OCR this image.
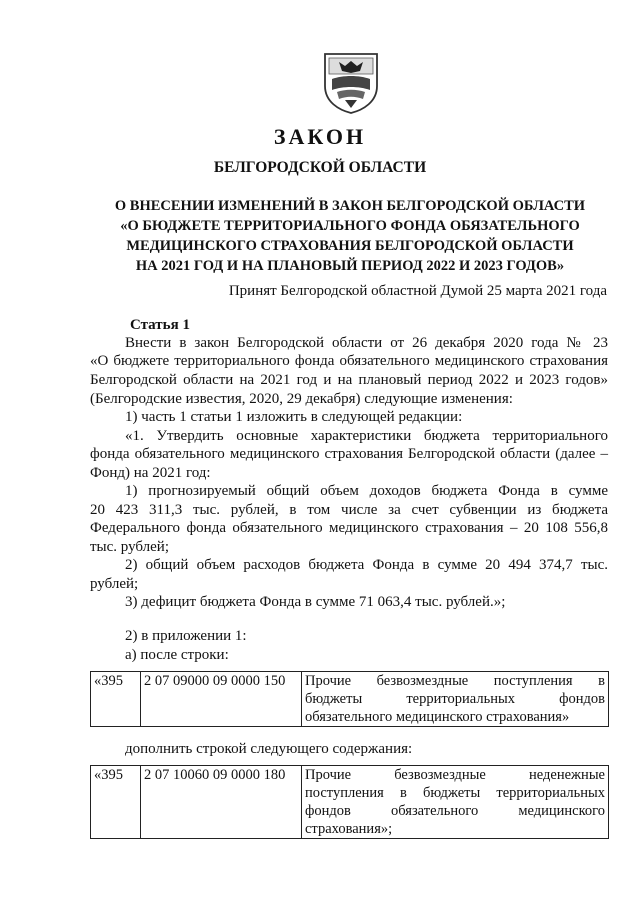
ЗАКОН
БЕЛГОРОДСКОЙ ОБЛАСТИ
О ВНЕСЕНИИ ИЗМЕНЕНИЙ В ЗАКОН БЕЛГОРОДСКОЙ ОБЛАСТИ
«О БЮДЖЕТЕ ТЕРРИТОРИАЛЬНОГО ФОНДА ОБЯЗАТЕЛЬНОГО
МЕДИЦИНСКОГО СТРАХОВАНИЯ БЕЛГОРОДСКОЙ ОБЛАСТИ
НА 2021 ГОД И НА ПЛАНОВЫЙ ПЕРИОД 2022 И 2023 ГОДОВ»
Принят Белгородской областной Думой 25 марта 2021 года
Статья 1
Внести в закон Белгородской области от 26 декабря 2020 года № 23
«О бюджете территориального фонда обязательного медицинского страхования
Белгородской области на 2021 год и на плановый период 2022 и 2023 годов»
(Белгородские известия, 2020, 29 декабря) следующие изменения:
1) часть 1 статьи 1 изложить в следующей редакции:
«1. Утвердить основные характеристики бюджета территориального
фонда обязательного медицинского страхования Белгородской области (далее –
Фонд) на 2021 год:
1) прогнозируемый общий объем доходов бюджета Фонда в сумме
20 423 311,3 тыс. рублей, в том числе за счет субвенции из бюджета
Федерального фонда обязательного медицинского страхования – 20 108 556,8
тыс. рублей;
2) общий объем расходов бюджета Фонда в сумме 20 494 374,7 тыс.
рублей;
3) дефицит бюджета Фонда в сумме 71 063,4 тыс. рублей.»;
2) в приложении 1:
а) после строки:
«395	2 07 09000 09 0000 150	Прочие безвозмездные поступления в
бюджеты территориальных фондов
обязательного медицинского страхования»
дополнить строкой следующего содержания:
«395	2 07 10060 09 0000 180	Прочие безвозмездные неденежные
поступления в бюджеты территориальных
фондов обязательного медицинского
страхования»;
